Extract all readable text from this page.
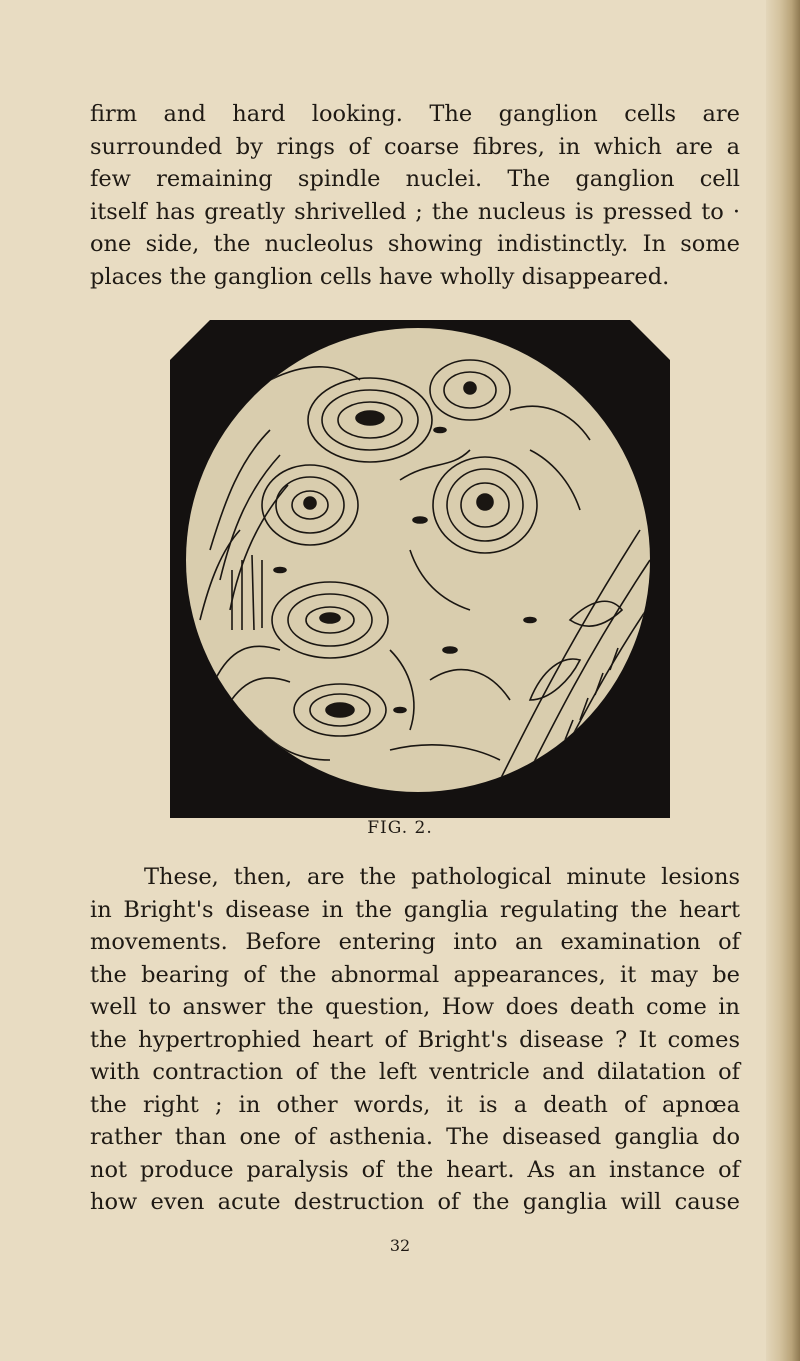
firm and hard looking. The ganglion cells are
surrounded by rings of coarse fibres, in which are a
few remaining spindle nuclei. The ganglion cell
itself has greatly shrivelled ; the nucleus is pressed to ·
one side, the nucleolus showing indistinctly. In some

places the ganglion cells have wholly disappeared.

FIG. 2.

These, then, are the pathological minute lesions

in Bright's disease in the ganglia regulating the heart
movements. Before entering into an examination of
the bearing of the abnormal appearances, it may be
well to answer the question, How does death come in
the hypertrophied heart of Bright's disease ? It comes
with contraction of the left ventricle and dilatation of
the right ; in other words, it is a death of apnœa
rather than one of asthenia. The diseased ganglia do
not produce paralysis of the heart. As an instance of
how even acute destruction of the ganglia will cause

32
